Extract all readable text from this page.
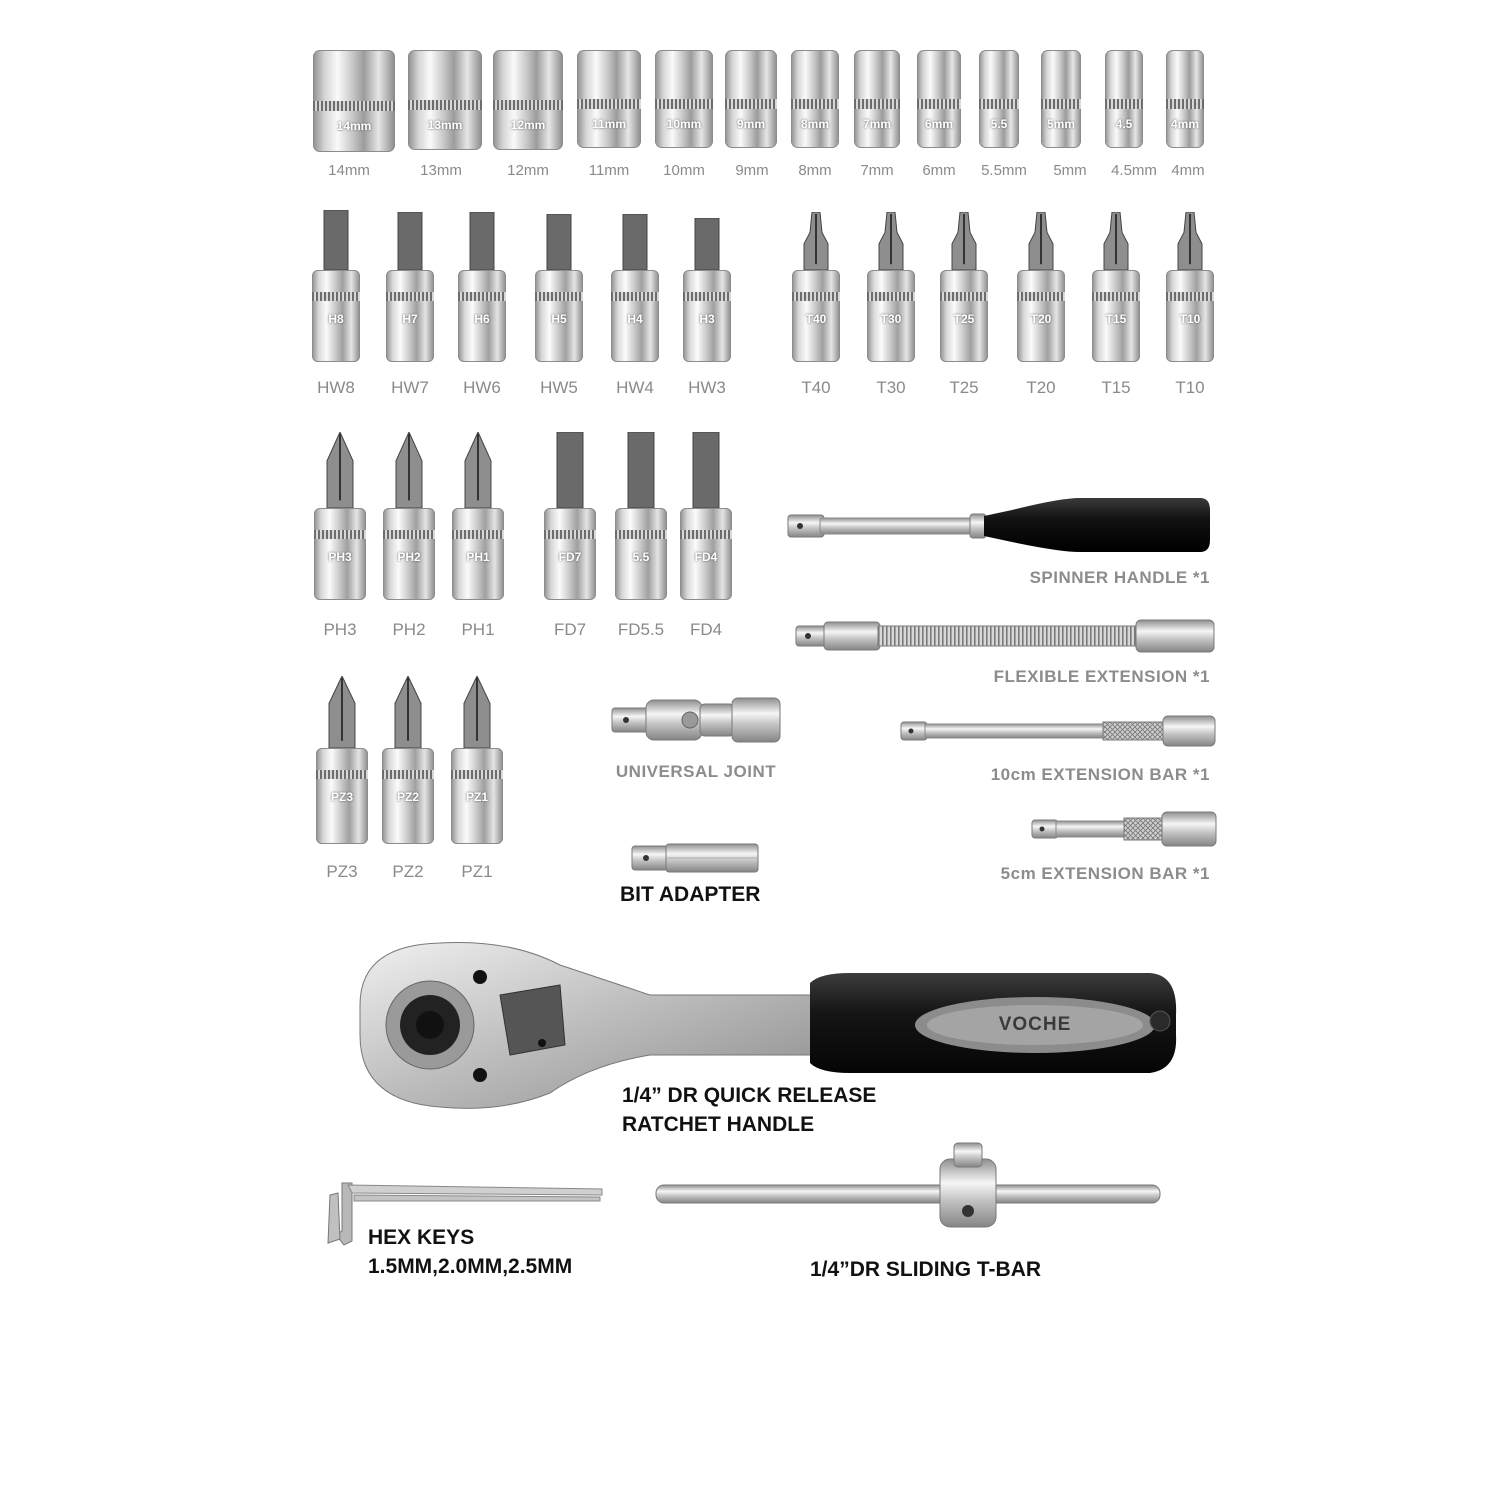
14mm
14mm
13mm
13mm
12mm
12mm
11mm
11mm
10mm
10mm
9mm
9mm
8mm
8mm
7mm
7mm
6mm
6mm
5.5
5.5mm
5mm
5mm
4.5
4.5mm
4mm
4mm
H8
HW8
H7
HW7
H6
HW6
H5
HW5
H4
HW4
H3
HW3
T40
T40
T30
T30
T25
T25
T20
T20
T15
T15
T10
T10
PH3
PH3
PH2
PH2
PH1
PH1
FD7
FD7
5.5
FD5.5
FD4
FD4
PZ3
PZ3
PZ2
PZ2
PZ1
PZ1
SPINNER HANDLE *1
FLEXIBLE EXTENSION *1
UNIVERSAL JOINT	10cm EXTENSION BAR *1
5cm EXTENSION BAR *1
BIT ADAPTER
VOCHE
1/4” DR QUICK RELEASE
RATCHET HANDLE
HEX KEYS
1.5MM,2.0MM,2.5MM	1/4”DR SLIDING T-BAR
